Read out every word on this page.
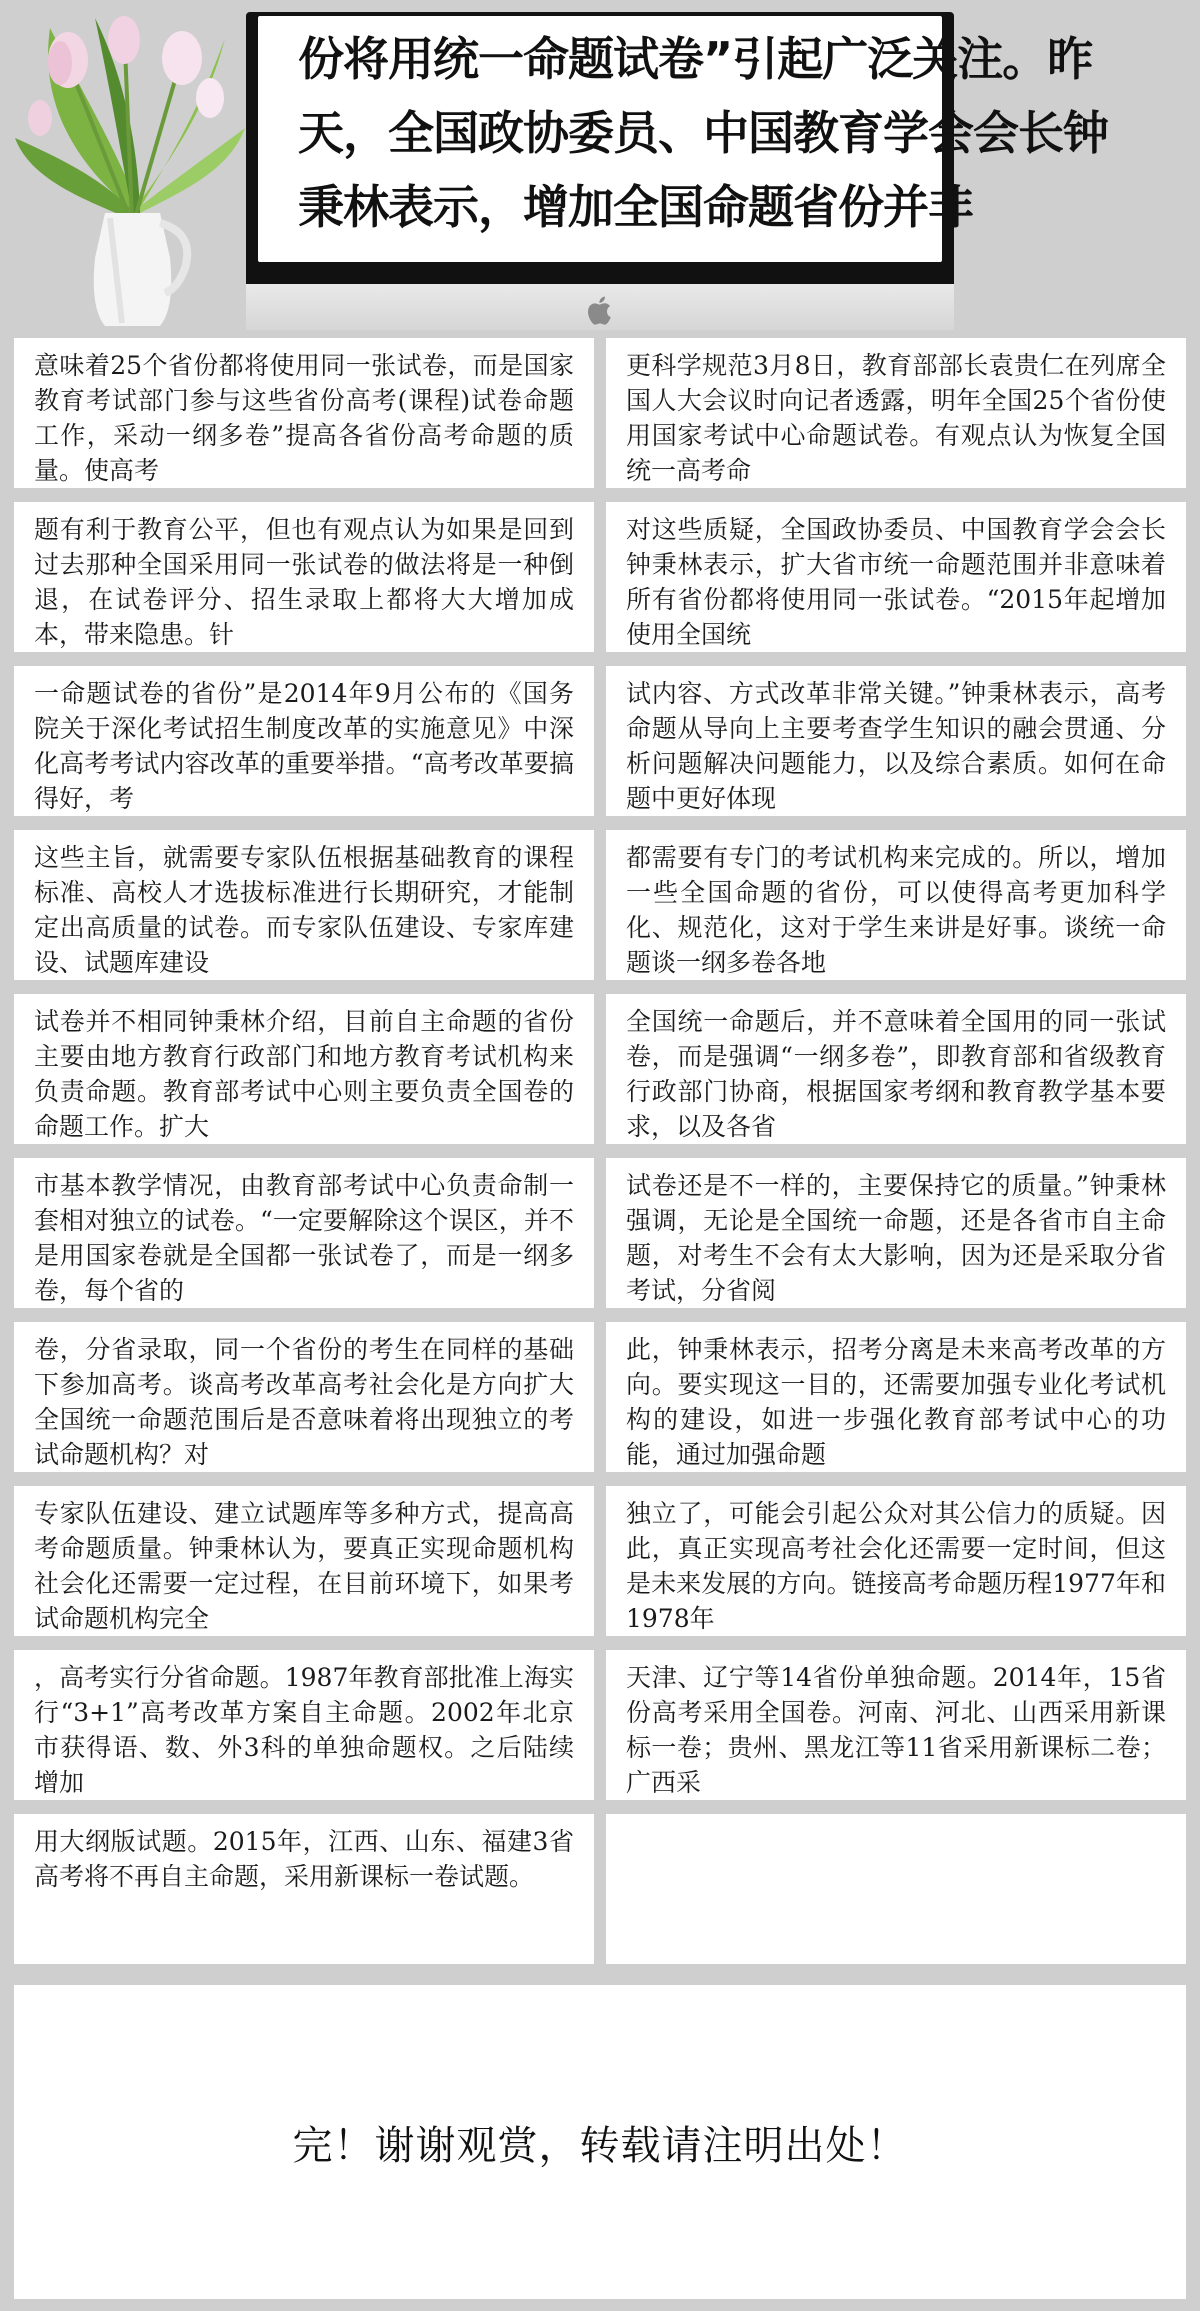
份将用统一命题试卷”引起广泛关注。昨

天，全国政协委员、中国教育学会会长钟

秉林表示，增加全国命题省份并非

意味着25个省份都将使用同一张试卷，而是国家教育考试部门参与这些省份高考(课程)试卷命题工作，采动一纲多卷”提高各省份高考命题的质量。使高考

更科学规范3月8日，教育部部长袁贵仁在列席全国人大会议时向记者透露，明年全国25个省份使用国家考试中心命题试卷。有观点认为恢复全国统一高考命

题有利于教育公平，但也有观点认为如果是回到过去那种全国采用同一张试卷的做法将是一种倒退，在试卷评分、招生录取上都将大大增加成本，带来隐患。针

对这些质疑，全国政协委员、中国教育学会会长钟秉林表示，扩大省市统一命题范围并非意味着所有省份都将使用同一张试卷。“2015年起增加使用全国统

一命题试卷的省份”是2014年9月公布的《国务院关于深化考试招生制度改革的实施意见》中深化高考考试内容改革的重要举措。“高考改革要搞得好，考

试内容、方式改革非常关键。”钟秉林表示，高考命题从导向上主要考查学生知识的融会贯通、分析问题解决问题能力，以及综合素质。如何在命题中更好体现

这些主旨，就需要专家队伍根据基础教育的课程标准、高校人才选拔标准进行长期研究，才能制定出高质量的试卷。而专家队伍建设、专家库建设、试题库建设

都需要有专门的考试机构来完成的。所以，增加一些全国命题的省份，可以使得高考更加科学化、规范化，这对于学生来讲是好事。谈统一命题谈一纲多卷各地

试卷并不相同钟秉林介绍，目前自主命题的省份主要由地方教育行政部门和地方教育考试机构来负责命题。教育部考试中心则主要负责全国卷的命题工作。扩大

全国统一命题后，并不意味着全国用的同一张试卷，而是强调“一纲多卷”，即教育部和省级教育行政部门协商，根据国家考纲和教育教学基本要求，以及各省

市基本教学情况，由教育部考试中心负责命制一套相对独立的试卷。“一定要解除这个误区，并不是用国家卷就是全国都一张试卷了，而是一纲多卷，每个省的

试卷还是不一样的，主要保持它的质量。”钟秉林强调，无论是全国统一命题，还是各省市自主命题，对考生不会有太大影响，因为还是采取分省考试，分省阅

卷，分省录取，同一个省份的考生在同样的基础下参加高考。谈高考改革高考社会化是方向扩大全国统一命题范围后是否意味着将出现独立的考试命题机构？对

此，钟秉林表示，招考分离是未来高考改革的方向。要实现这一目的，还需要加强专业化考试机构的建设，如进一步强化教育部考试中心的功能，通过加强命题

专家队伍建设、建立试题库等多种方式，提高高考命题质量。钟秉林认为，要真正实现命题机构社会化还需要一定过程，在目前环境下，如果考试命题机构完全

独立了，可能会引起公众对其公信力的质疑。因此，真正实现高考社会化还需要一定时间，但这是未来发展的方向。链接高考命题历程1977年和1978年

，高考实行分省命题。1987年教育部批准上海实行“3+1”高考改革方案自主命题。2002年北京市获得语、数、外3科的单独命题权。之后陆续增加

天津、辽宁等14省份单独命题。2014年，15省份高考采用全国卷。河南、河北、山西采用新课标一卷；贵州、黑龙江等11省采用新课标二卷；广西采

用大纲版试题。2015年，江西、山东、福建3省高考将不再自主命题，采用新课标一卷试题。

完！谢谢观赏，转载请注明出处！
